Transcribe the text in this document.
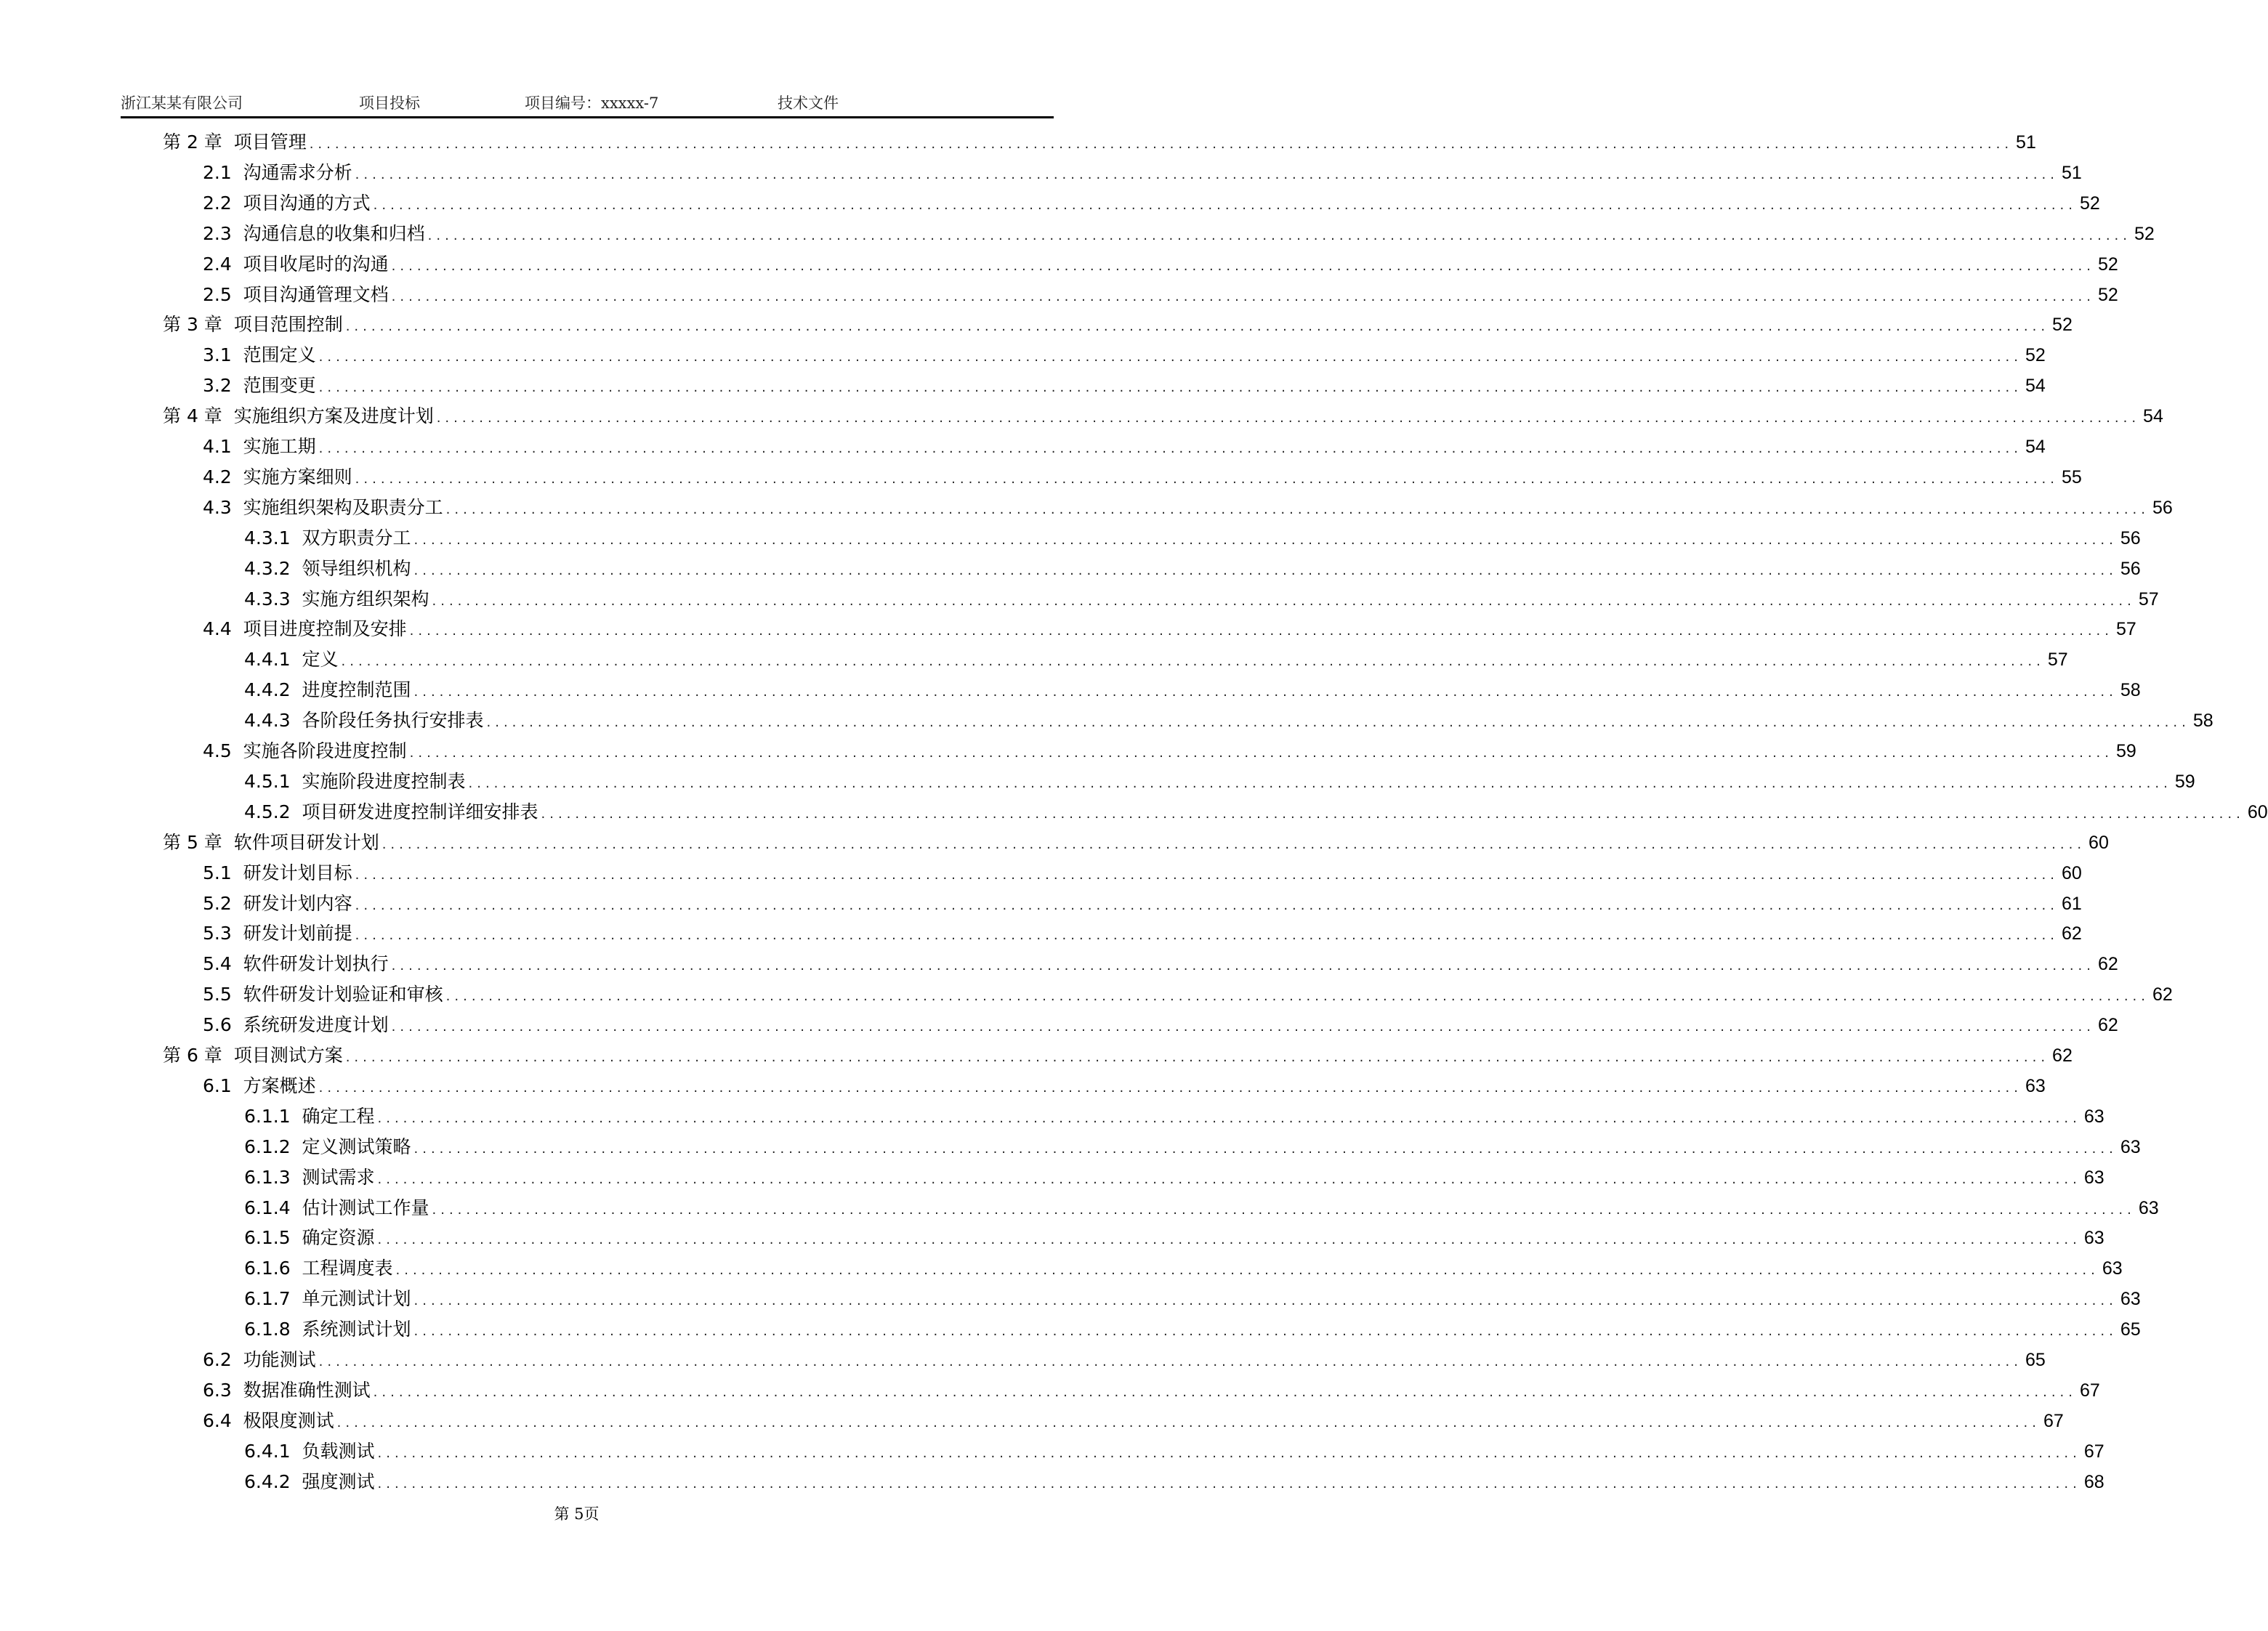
浙江某某有限公司	项目投标	项目编号：xxxxx-7	技术文件
第 2 章  项目管理 ........................................................................................................................................................................................................ 51
2.1  沟通需求分析 ........................................................................................................................................................................................................ 51
2.2  项目沟通的方式 ........................................................................................................................................................................................................ 52
2.3  沟通信息的收集和归档 ........................................................................................................................................................................................................ 52
2.4  项目收尾时的沟通 ........................................................................................................................................................................................................ 52
2.5  项目沟通管理文档 ........................................................................................................................................................................................................ 52
第 3 章  项目范围控制 ........................................................................................................................................................................................................ 52
3.1  范围定义 ........................................................................................................................................................................................................ 52
3.2  范围变更 ........................................................................................................................................................................................................ 54
第 4 章  实施组织方案及进度计划 ........................................................................................................................................................................................................ 54
4.1  实施工期 ........................................................................................................................................................................................................ 54
4.2  实施方案细则 ........................................................................................................................................................................................................ 55
4.3  实施组织架构及职责分工 ........................................................................................................................................................................................................ 56
4.3.1  双方职责分工 ........................................................................................................................................................................................................ 56
4.3.2  领导组织机构 ........................................................................................................................................................................................................ 56
4.3.3  实施方组织架构 ........................................................................................................................................................................................................ 57
4.4  项目进度控制及安排 ........................................................................................................................................................................................................ 57
4.4.1  定义 ........................................................................................................................................................................................................ 57
4.4.2  进度控制范围 ........................................................................................................................................................................................................ 58
4.4.3  各阶段任务执行安排表 ........................................................................................................................................................................................................ 58
4.5  实施各阶段进度控制 ........................................................................................................................................................................................................ 59
4.5.1  实施阶段进度控制表 ........................................................................................................................................................................................................ 59
4.5.2  项目研发进度控制详细安排表 ........................................................................................................................................................................................................ 60
第 5 章  软件项目研发计划 ........................................................................................................................................................................................................ 60
5.1  研发计划目标 ........................................................................................................................................................................................................ 60
5.2  研发计划内容 ........................................................................................................................................................................................................ 61
5.3  研发计划前提 ........................................................................................................................................................................................................ 62
5.4  软件研发计划执行 ........................................................................................................................................................................................................ 62
5.5  软件研发计划验证和审核 ........................................................................................................................................................................................................ 62
5.6  系统研发进度计划 ........................................................................................................................................................................................................ 62
第 6 章  项目测试方案 ........................................................................................................................................................................................................ 62
6.1  方案概述 ........................................................................................................................................................................................................ 63
6.1.1  确定工程 ........................................................................................................................................................................................................ 63
6.1.2  定义测试策略 ........................................................................................................................................................................................................ 63
6.1.3  测试需求 ........................................................................................................................................................................................................ 63
6.1.4  估计测试工作量 ........................................................................................................................................................................................................ 63
6.1.5  确定资源 ........................................................................................................................................................................................................ 63
6.1.6  工程调度表 ........................................................................................................................................................................................................ 63
6.1.7  单元测试计划 ........................................................................................................................................................................................................ 63
6.1.8  系统测试计划 ........................................................................................................................................................................................................ 65
6.2  功能测试 ........................................................................................................................................................................................................ 65
6.3  数据准确性测试 ........................................................................................................................................................................................................ 67
6.4  极限度测试 ........................................................................................................................................................................................................ 67
6.4.1  负载测试 ........................................................................................................................................................................................................ 67
6.4.2  强度测试 ........................................................................................................................................................................................................ 68
第 5页
